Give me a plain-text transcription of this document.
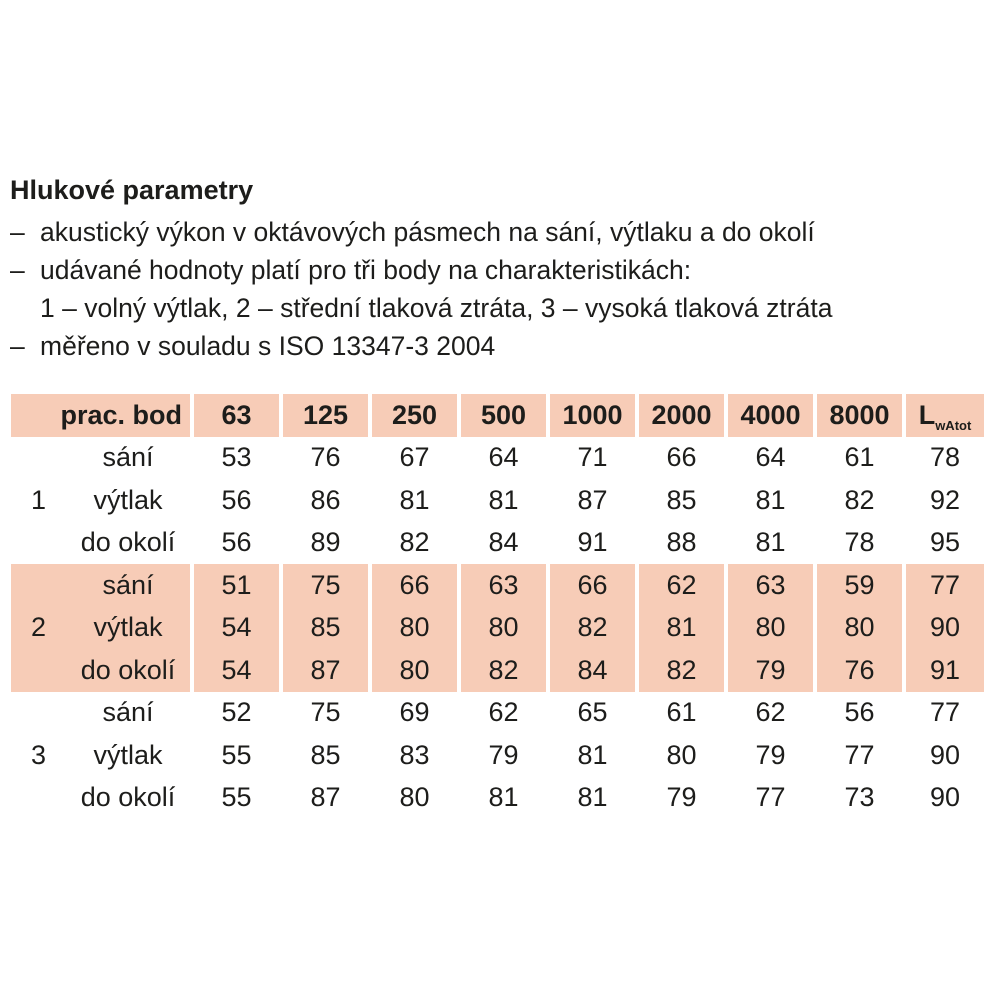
Hlukové parametry
– akustický výkon v oktávových pásmech na sání, výtlaku a do okolí
– udávané hodnoty platí pro tři body na charakteristikách:
1 – volný výtlak, 2 – střední tlaková ztráta, 3 – vysoká tlaková ztráta
– měřeno v souladu s ISO 13347-3 2004
prac. bod		63	125	250	500	1000	2000	4000	8000	$L_{wAtot}$
1	sání	53	76	67	64	71	66	64	61	78
	výtlak	56	86	81	81	87	85	81	82	92
	do okolí	56	89	82	84	91	88	81	78	95
2	sání	51	75	66	63	66	62	63	59	77
	výtlak	54	85	80	80	82	81	80	80	90
	do okolí	54	87	80	82	84	82	79	76	91
3	sání	52	75	69	62	65	61	62	56	77
	výtlak	55	85	83	79	81	80	79	77	90
	do okolí	55	87	80	81	81	79	77	73	90
